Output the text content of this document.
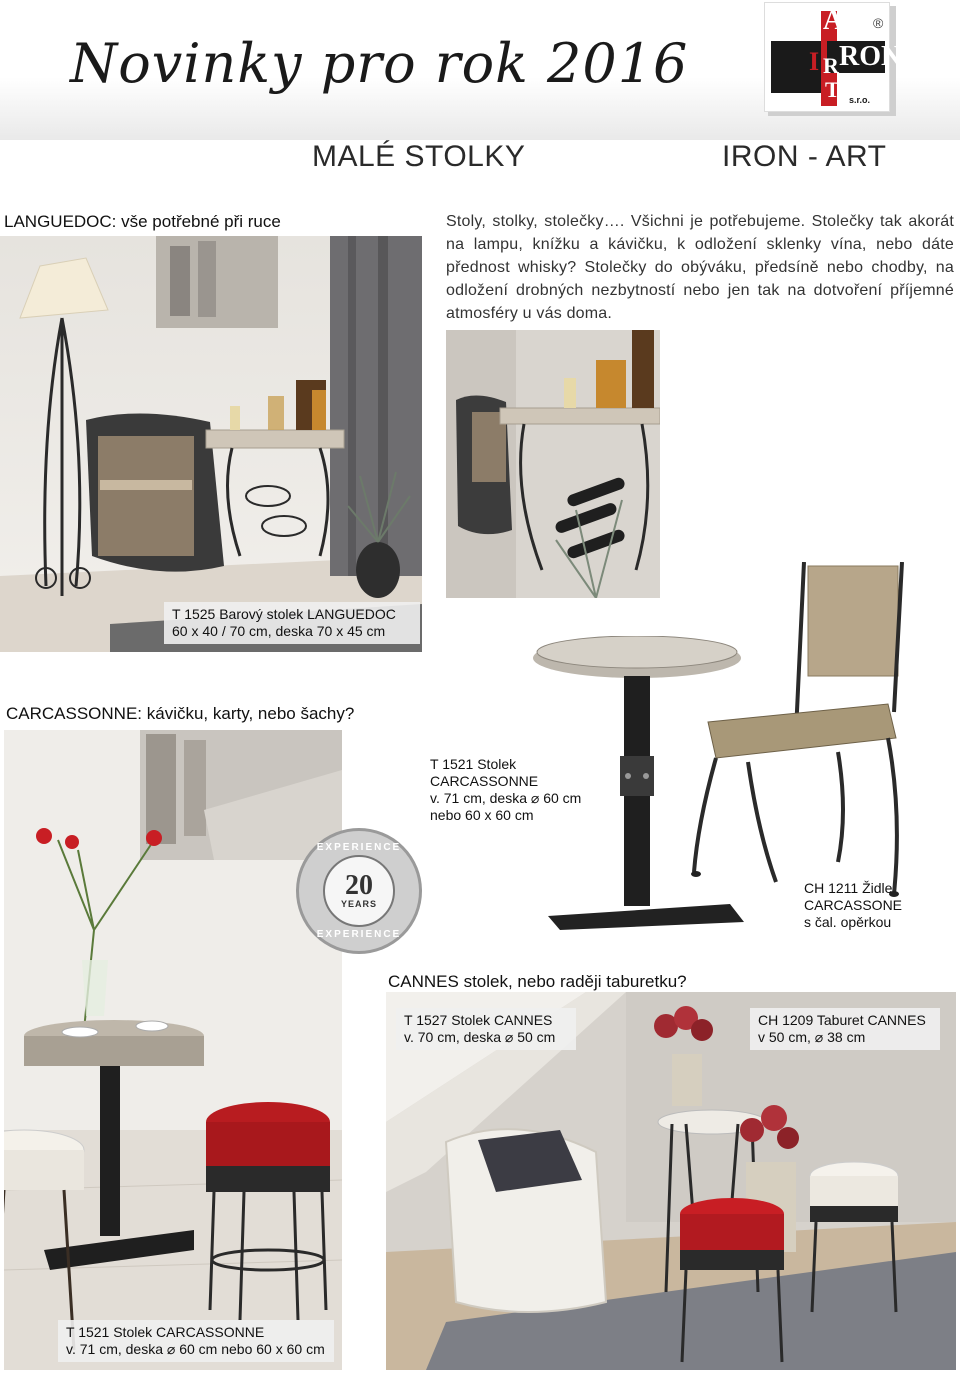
Novinky pro rok 2016
MALÉ STOLKY	IRON - ART
A
I R
T
RON
s.r.o.
®
LANGUEDOC: vše potřebné při ruce	Stoly, stolky, stolečky…. Všichni je potřebujeme. Stolečky tak akorát na lampu, knížku a kávičku, k odložení sklenky vína, nebo dáte přednost whisky? Stolečky do obýváku, předsíně nebo chodby, na odložení drobných nezbytností nebo jen tak na dotvoření příjemné atmosféry u vás doma.
T 1525 Barový stolek LANGUEDOC
60 x 40 / 70 cm, deska 70 x 45 cm
CARCASSONNE: kávičku, karty, nebo šachy?
T 1521 Stolek
CARCASSONNE
v. 71 cm, deska ⌀ 60 cm
nebo 60 x 60 cm
CH 1211 Židle
CARCASSONE
s čal. opěrkou
T 1521 Stolek CARCASSONNE
v. 71 cm, deska ⌀ 60 cm nebo 60 x 60 cm
EXPERIENCE
20
YEARS
EXPERIENCE
CANNES stolek, nebo raději taburetku?
T 1527 Stolek CANNES
v. 70 cm, deska ⌀ 50 cm
CH 1209 Taburet CANNES
v 50 cm, ⌀ 38 cm
